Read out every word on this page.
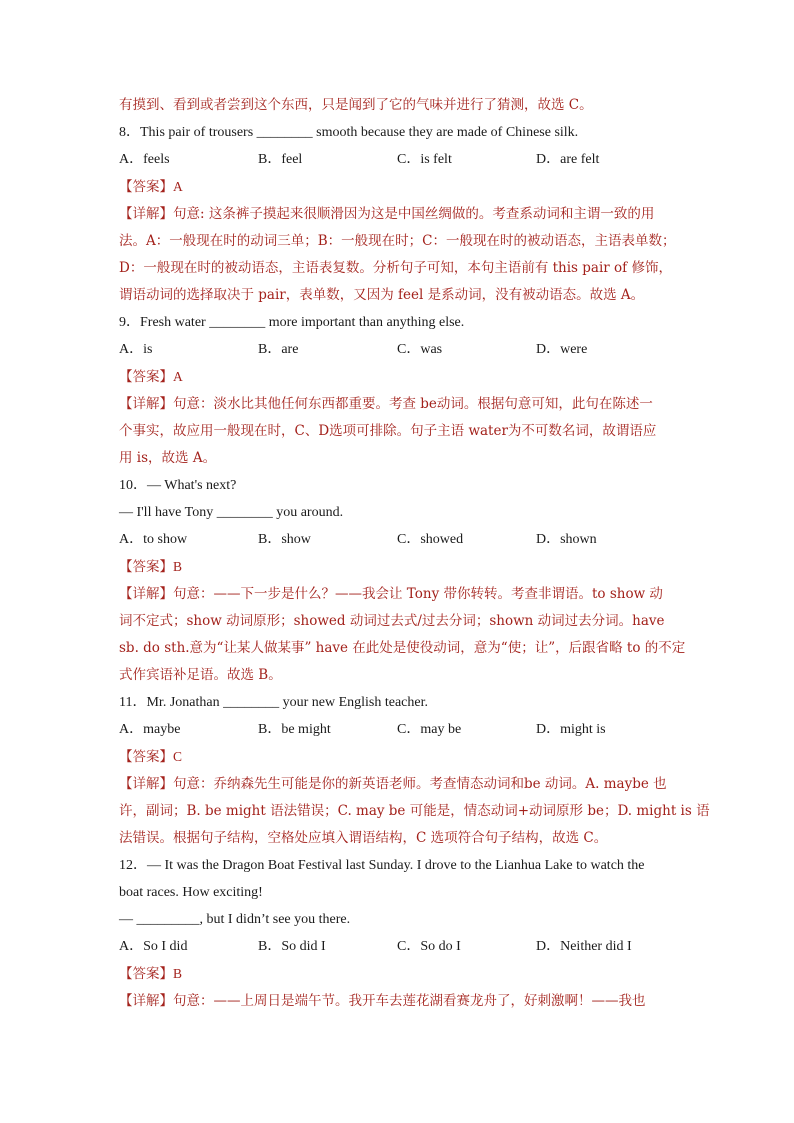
有摸到、看到或者尝到这个东西，只是闻到了它的气味并进行了猜测，故选 C。
8．This pair of trousers ________ smooth because they are made of Chinese silk.
A．feels	B．feel	C．is felt	D．are felt
【答案】A
【详解】句意: 这条裤子摸起来很顺滑因为这是中国丝绸做的。考查系动词和主谓一致的用
法。A：一般现在时的动词三单；B：一般现在时；C：一般现在时的被动语态，主语表单数；
D：一般现在时的被动语态，主语表复数。分析句子可知，本句主语前有 this pair of 修饰，
谓语动词的选择取决于 pair，表单数，又因为 feel 是系动词，没有被动语态。故选 A。
9．Fresh water ________ more important than anything else.
A．is	B．are	C．was	D．were
【答案】A
【详解】句意：淡水比其他任何东西都重要。考查 be动词。根据句意可知，此句在陈述一
个事实，故应用一般现在时，C、D选项可排除。句子主语 water为不可数名词，故谓语应
用 is，故选 A。
10．— What's next?
— I'll have Tony ________ you around.
A．to show	B．show	C．showed	D．shown
【答案】B
【详解】句意：——下一步是什么？——我会让 Tony 带你转转。考查非谓语。to show 动
词不定式；show 动词原形；showed 动词过去式/过去分词；shown 动词过去分词。have
sb. do sth.意为“让某人做某事” have 在此处是使役动词，意为“使；让”，后跟省略 to 的不定
式作宾语补足语。故选 B。
11．Mr. Jonathan ________ your new English teacher.
A．maybe	B．be might	C．may be	D．might is
【答案】C
【详解】句意：乔纳森先生可能是你的新英语老师。考查情态动词和be 动词。A. maybe 也
许，副词；B. be might 语法错误；C. may be 可能是，情态动词+动词原形 be；D. might is 语
法错误。根据句子结构，空格处应填入谓语结构，C 选项符合句子结构，故选 C。
12．— It was the Dragon Boat Festival last Sunday. I drove to the Lianhua Lake to watch the
boat races. How exciting!
— _________, but I didn’t see you there.
A．So I did	B．So did I	C．So do I	D．Neither did I
【答案】B
【详解】句意：——上周日是端午节。我开车去莲花湖看赛龙舟了，好刺激啊！——我也
